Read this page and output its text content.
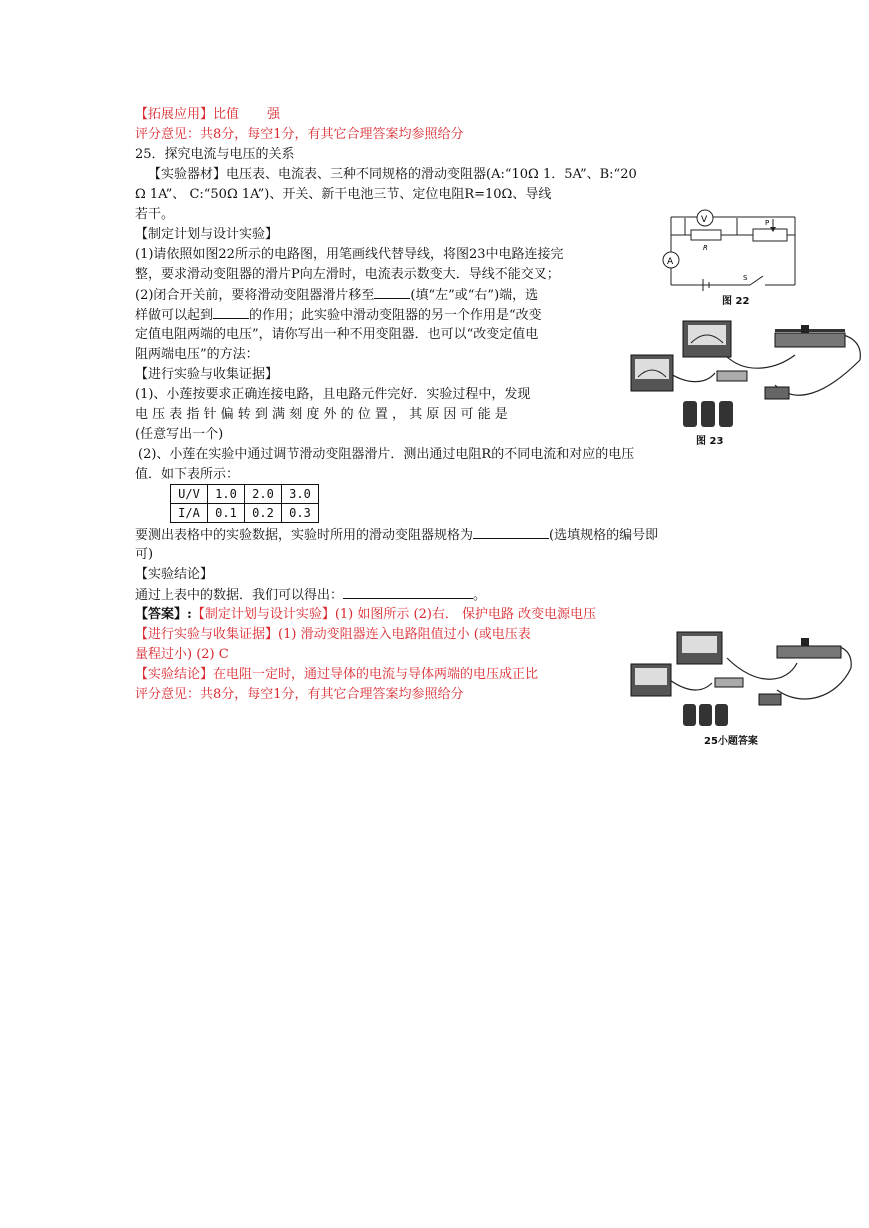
【拓展应用】比值 强
评分意见：共8分，每空1分，有其它合理答案均参照给分
25．探究电流与电压的关系
【实验器材】电压表、电流表、三种不同规格的滑动变阻器(A:“10Ω 1．5A”、B:“20
Ω 1A”、 C:“50Ω 1A”)、开关、新干电池三节、定位电阻R=10Ω、导线
若干。
【制定计划与设计实验】
(1)请依照如图22所示的电路图，用笔画线代替导线，将图23中电路连接完
整，要求滑动变阻器的滑片P向左滑时，电流表示数变大．导线不能交叉；
(2)闭合开关前，要将滑动变阻器滑片移至	(填“左”或“右”)端，选
样做可以起到	的作用；此实验中滑动变阻器的另一个作用是“改变
定值电阻两端的电压”，请你写出一种不用变阻器．也可以“改变定值电
阻两端电压”的方法：
【进行实验与收集证据】
(1)、小莲按要求正确连接电路，且电路元件完好．实验过程中，发现
电 压 表 指 针 偏 转 到 满 刻 度 外 的 位 置 ， 其 原 因 可 能 是
(任意写出一个)
(2)、小莲在实验中通过调节滑动变阻器滑片．测出通过电阻R的不同电流和对应的电压
值．如下表所示：
U/V	1.0	2.0	3.0
I/A	0.1	0.2	0.3
要测出表格中的实验数据，实验时所用的滑动变阻器规格为	(选填规格的编号即
可)
【实验结论】
通过上表中的数据．我们可以得出：	。
【答案】:【制定计划与设计实验】(1) 如图所示 (2)右． 保护电路 改变电源电压
【进行实验与收集证据】(1) 滑动变阻器连入电路阻值过小 (或电压表
量程过小) (2) C
【实验结论】在电阻一定时，通过导体的电流与导体两端的电压成正比
评分意见：共8分，每空1分，有其它合理答案均参照给分
V
A
R
P
S
图 22
图 23
25小题答案
